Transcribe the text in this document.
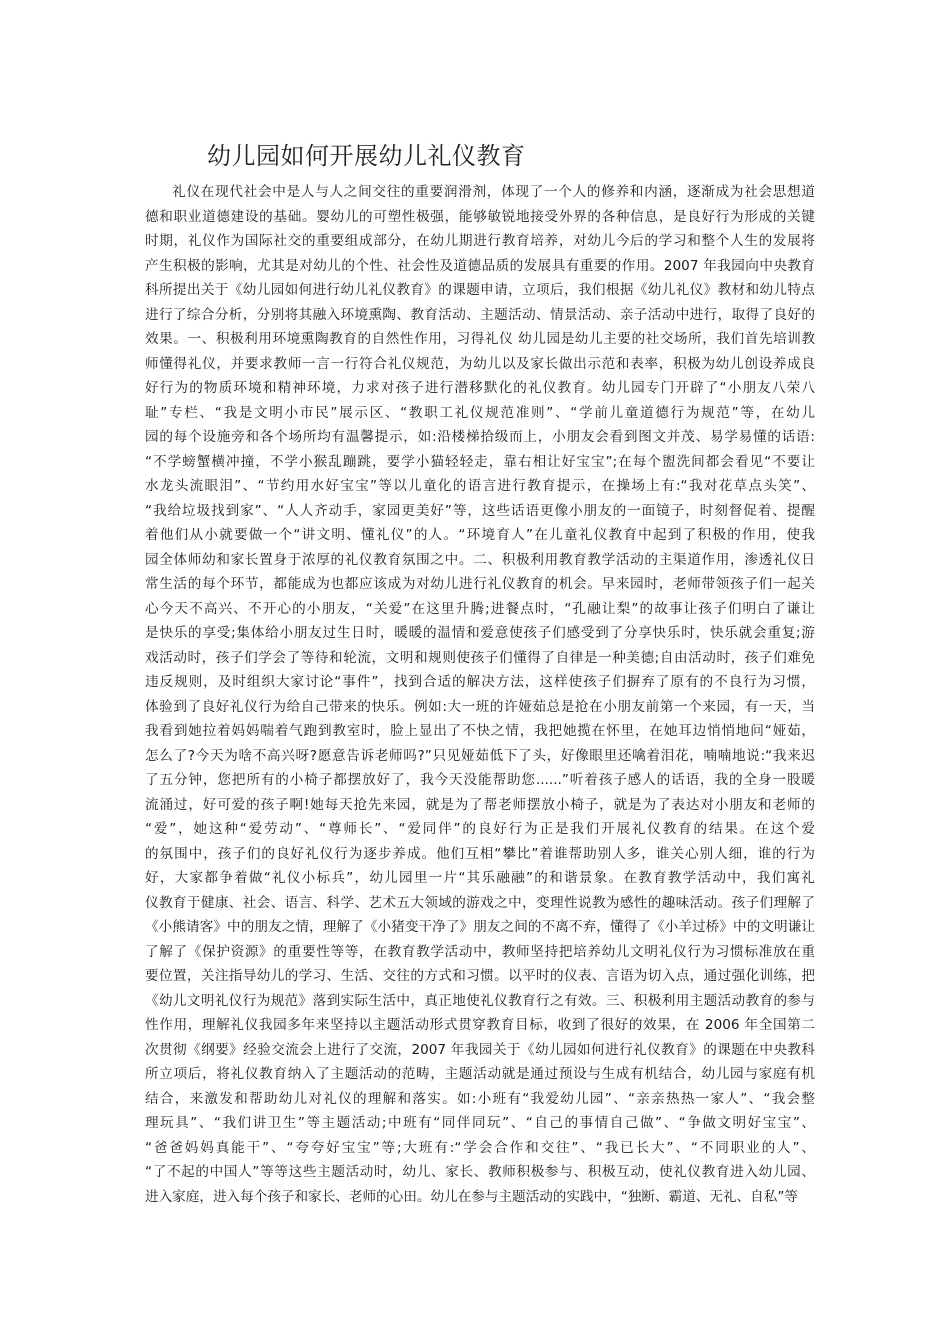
幼儿园如何开展幼儿礼仪教育
礼仪在现代社会中是人与人之间交往的重要润滑剂，体现了一个人的修养和内涵，逐渐成为社会思想道
德和职业道德建设的基础。婴幼儿的可塑性极强，能够敏锐地接受外界的各种信息，是良好行为形成的关键
时期，礼仪作为国际社交的重要组成部分，在幼儿期进行教育培养，对幼儿今后的学习和整个人生的发展将
产生积极的影响，尤其是对幼儿的个性、社会性及道德品质的发展具有重要的作用。2007 年我园向中央教育
科所提出关于《幼儿园如何进行幼儿礼仪教育》的课题申请，立项后，我们根据《幼儿礼仪》教材和幼儿特点
进行了综合分析，分别将其融入环境熏陶、教育活动、主题活动、情景活动、亲子活动中进行，取得了良好的
效果。一、积极利用环境熏陶教育的自然性作用，习得礼仪 幼儿园是幼儿主要的社交场所，我们首先培训教
师懂得礼仪，并要求教师一言一行符合礼仪规范，为幼儿以及家长做出示范和表率，积极为幼儿创设养成良
好行为的物质环境和精神环境，力求对孩子进行潜移默化的礼仪教育。幼儿园专门开辟了“小朋友八荣八
耻”专栏、“我是文明小市民”展示区、“教职工礼仪规范准则”、“学前儿童道德行为规范”等，在幼儿
园的每个设施旁和各个场所均有温馨提示，如:沿楼梯拾级而上，小朋友会看到图文并茂、易学易懂的话语:
“不学螃蟹横冲撞，不学小猴乱蹦跳，要学小猫轻轻走，靠右相让好宝宝”;在每个盥洗间都会看见“不要让
水龙头流眼泪”、“节约用水好宝宝”等以儿童化的语言进行教育提示，在操场上有:“我对花草点头笑”、
“我给垃圾找到家”、“人人齐动手，家园更美好”等，这些话语更像小朋友的一面镜子，时刻督促着、提醒
着他们从小就要做一个“讲文明、懂礼仪”的人。“环境育人”在儿童礼仪教育中起到了积极的作用，使我
园全体师幼和家长置身于浓厚的礼仪教育氛围之中。二、积极利用教育教学活动的主渠道作用，渗透礼仪日
常生活的每个环节，都能成为也都应该成为对幼儿进行礼仪教育的机会。早来园时，老师带领孩子们一起关
心今天不高兴、不开心的小朋友，“关爱”在这里升腾;进餐点时，“孔融让梨”的故事让孩子们明白了谦让
是快乐的享受;集体给小朋友过生日时，暖暖的温情和爱意使孩子们感受到了分享快乐时，快乐就会重复;游
戏活动时，孩子们学会了等待和轮流，文明和规则使孩子们懂得了自律是一种美德;自由活动时，孩子们难免
违反规则，及时组织大家讨论“事件”，找到合适的解决方法，这样使孩子们摒弃了原有的不良行为习惯，
体验到了良好礼仪行为给自己带来的快乐。例如:大一班的许娅茹总是抢在小朋友前第一个来园，有一天，当
我看到她拉着妈妈喘着气跑到教室时，脸上显出了不快之情，我把她揽在怀里，在她耳边悄悄地问“娅茹，
怎么了?今天为啥不高兴呀?愿意告诉老师吗?”只见娅茹低下了头，好像眼里还噙着泪花，喃喃地说:“我来迟
了五分钟，您把所有的小椅子都摆放好了，我今天没能帮助您......”听着孩子感人的话语，我的全身一股暖
流涌过，好可爱的孩子啊!她每天抢先来园，就是为了帮老师摆放小椅子，就是为了表达对小朋友和老师的
“爱”，她这种“爱劳动”、“尊师长”、“爱同伴”的良好行为正是我们开展礼仪教育的结果。在这个爱
的氛围中，孩子们的良好礼仪行为逐步养成。他们互相“攀比”着谁帮助别人多，谁关心别人细，谁的行为
好，大家都争着做“礼仪小标兵”，幼儿园里一片“其乐融融”的和谐景象。在教育教学活动中，我们寓礼
仪教育于健康、社会、语言、科学、艺术五大领域的游戏之中，变理性说教为感性的趣味活动。孩子们理解了
《小熊请客》中的朋友之情，理解了《小猪变干净了》朋友之间的不离不弃，懂得了《小羊过桥》中的文明谦让
了解了《保护资源》的重要性等等，在教育教学活动中，教师坚持把培养幼儿文明礼仪行为习惯标准放在重
要位置，关注指导幼儿的学习、生活、交往的方式和习惯。以平时的仪表、言语为切入点，通过强化训练，把
《幼儿文明礼仪行为规范》落到实际生活中，真正地使礼仪教育行之有效。三、积极利用主题活动教育的参与
性作用，理解礼仪我园多年来坚持以主题活动形式贯穿教育目标，收到了很好的效果，在 2006 年全国第二
次贯彻《纲要》经验交流会上进行了交流，2007 年我园关于《幼儿园如何进行礼仪教育》的课题在中央教科
所立项后，将礼仪教育纳入了主题活动的范畴，主题活动就是通过预设与生成有机结合，幼儿园与家庭有机
结合，来激发和帮助幼儿对礼仪的理解和落实。如:小班有“我爱幼儿园”、“亲亲热热一家人”、“我会整
理玩具”、“我们讲卫生”等主题活动;中班有“同伴同玩”、“自己的事情自己做”、“争做文明好宝宝”、
“爸爸妈妈真能干”、“夸夸好宝宝”等;大班有:“学会合作和交往”、“我已长大”、“不同职业的人”、
“了不起的中国人”等等这些主题活动时，幼儿、家长、教师积极参与、积极互动，使礼仪教育进入幼儿园、
进入家庭，进入每个孩子和家长、老师的心田。幼儿在参与主题活动的实践中，“独断、霸道、无礼、自私”等
